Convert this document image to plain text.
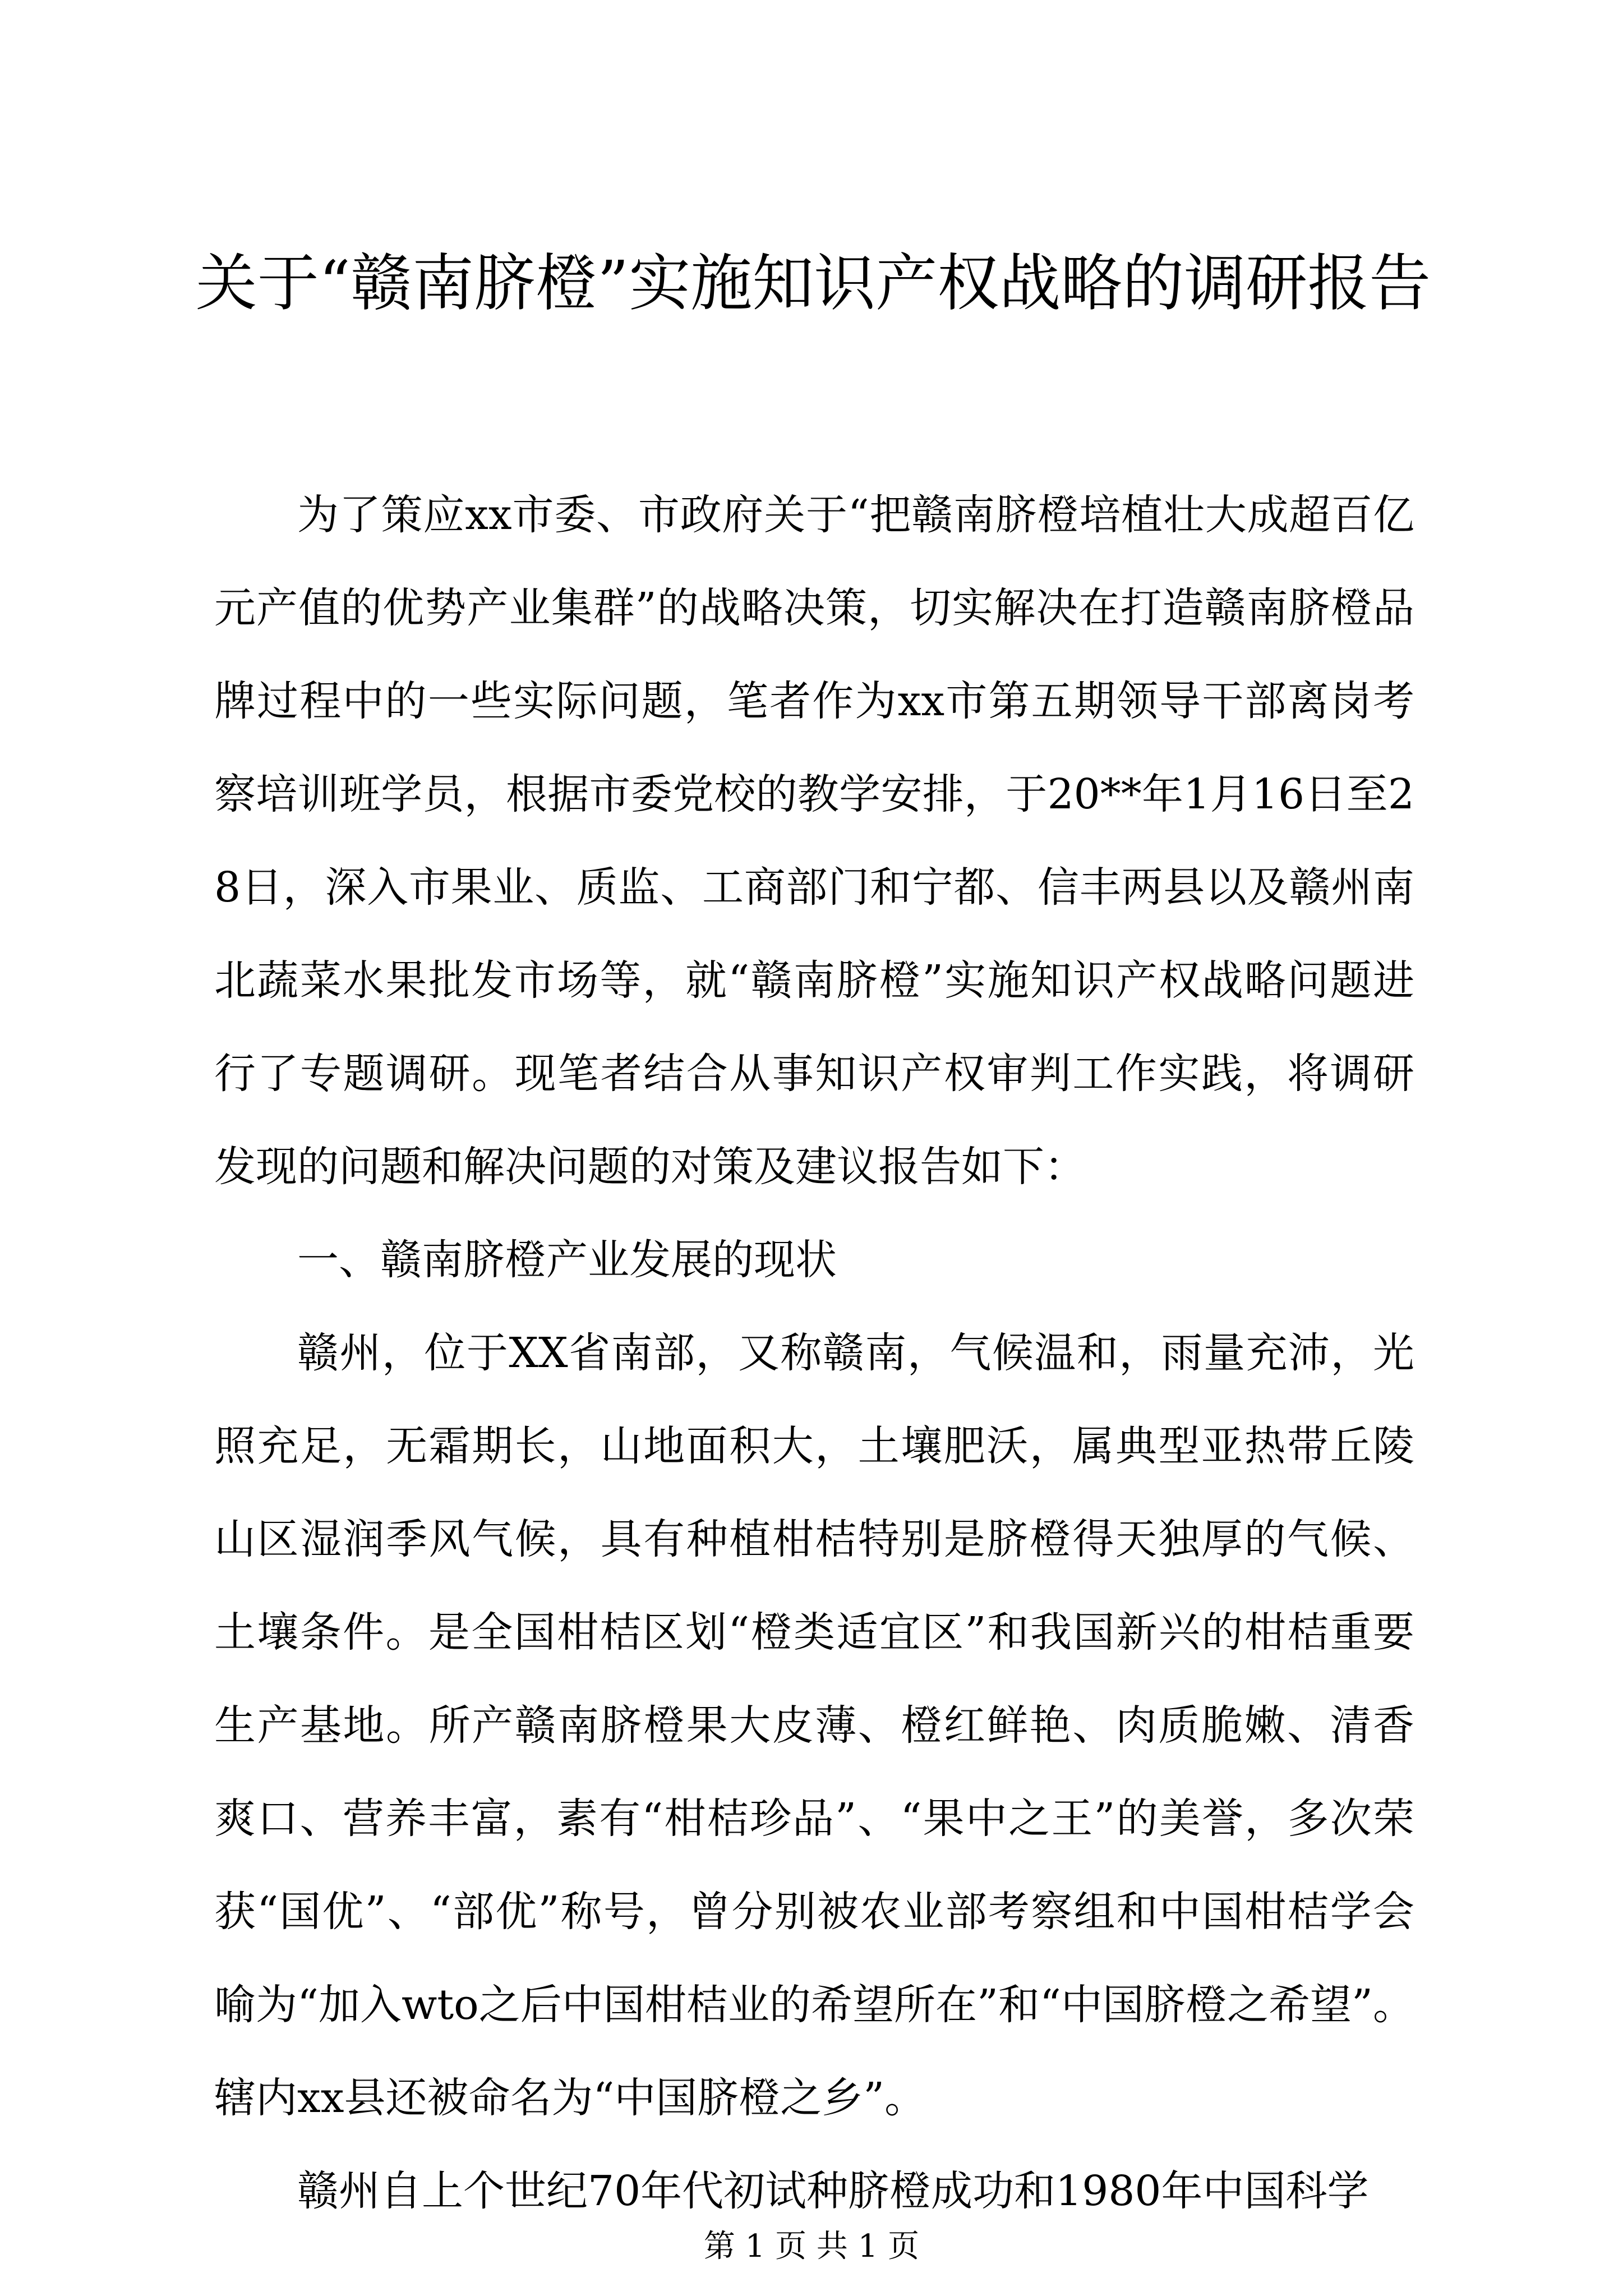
关于“赣南脐橙”实施知识产权战略的调研报告

为了策应xx市委、市政府关于“把赣南脐橙培植壮大成超百亿元产值的优势产业集群”的战略决策，切实解决在打造赣南脐橙品牌过程中的一些实际问题，笔者作为xx市第五期领导干部离岗考察培训班学员，根据市委党校的教学安排，于20**年1月16日至28日，深入市果业、质监、工商部门和宁都、信丰两县以及赣州南北蔬菜水果批发市场等，就“赣南脐橙”实施知识产权战略问题进行了专题调研。现笔者结合从事知识产权审判工作实践，将调研发现的问题和解决问题的对策及建议报告如下：

一、赣南脐橙产业发展的现状

赣州，位于XX省南部，又称赣南，气候温和，雨量充沛，光照充足，无霜期长，山地面积大，土壤肥沃，属典型亚热带丘陵山区湿润季风气候，具有种植柑桔特别是脐橙得天独厚的气候、土壤条件。是全国柑桔区划“橙类适宜区”和我国新兴的柑桔重要生产基地。所产赣南脐橙果大皮薄、橙红鲜艳、肉质脆嫩、清香爽口、营养丰富，素有“柑桔珍品”、“果中之王”的美誉，多次荣获“国优”、“部优”称号，曾分别被农业部考察组和中国柑桔学会喻为“加入wto之后中国柑桔业的希望所在”和“中国脐橙之希望”。辖内xx县还被命名为“中国脐橙之乡”。

赣州自上个世纪70年代初试种脐橙成功和1980年中国科学

第 1 页 共 1 页
